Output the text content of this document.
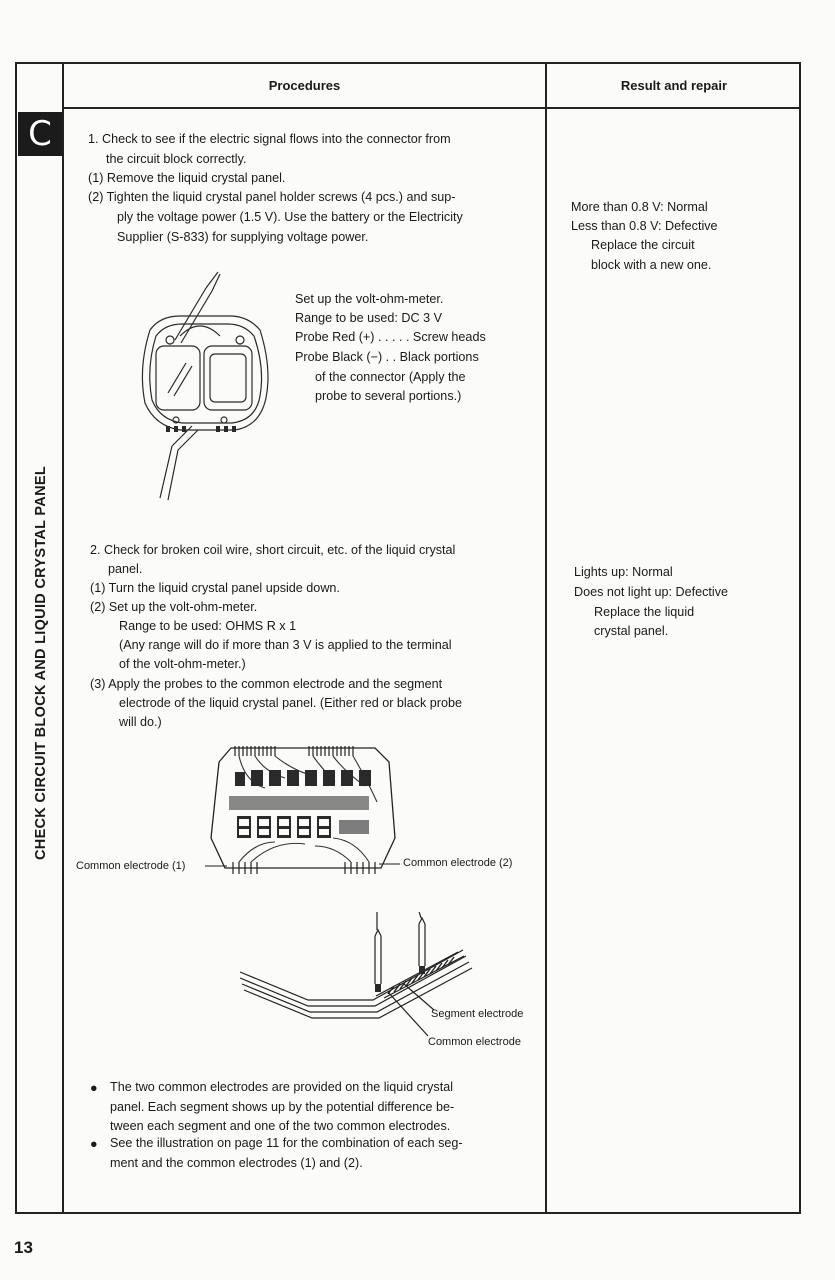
Procedures	Result and repair
C
CHECK CIRCUIT BLOCK AND LIQUID CRYSTAL PANEL
1. Check to see if the electric signal flows into the connector from
the circuit block correctly.
(1) Remove the liquid crystal panel.
(2) Tighten the liquid crystal panel holder screws (4 pcs.) and sup-
ply the voltage power (1.5 V). Use the battery or the Electricity
Supplier (S-833) for supplying voltage power.
Set up the volt-ohm-meter.
Range to be used: DC 3 V
Probe Red (+) . . . . . Screw heads
Probe Black (−) . . Black portions
of the connector (Apply the
probe to several portions.)
More than 0.8 V: Normal
Less than 0.8 V: Defective
Replace the circuit
block with a new one.
2. Check for broken coil wire, short circuit, etc. of the liquid crystal
panel.
(1) Turn the liquid crystal panel upside down.
(2) Set up the volt-ohm-meter.
Range to be used: OHMS R x 1
(Any range will do if more than 3 V is applied to the terminal
of the volt-ohm-meter.)
(3) Apply the probes to the common electrode and the segment
electrode of the liquid crystal panel. (Either red or black probe
will do.)
Lights up: Normal
Does not light up: Defective
Replace the liquid
crystal panel.
Common electrode (1)	Common electrode (2)
Segment electrode
Common electrode
● The two common electrodes are provided on the liquid crystal
panel. Each segment shows up by the potential difference be-
tween each segment and one of the two common electrodes.
● See the illustration on page 11 for the combination of each seg-
ment and the common electrodes (1) and (2).
13
